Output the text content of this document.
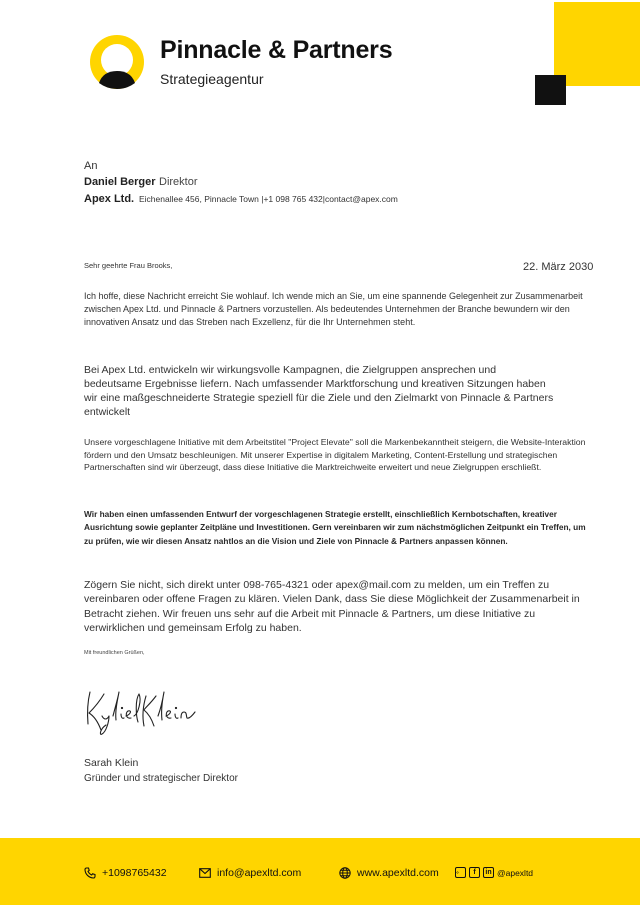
Pinnacle & Partners
Strategieagentur
An
Daniel Berger Direktor
Apex Ltd. Eichenallee 456, Pinnacle Town |+1 098 765 432|contact@apex.com
Sehr geehrte Frau Brooks,	22. März 2030
Ich hoffe, diese Nachricht erreicht Sie wohlauf. Ich wende mich an Sie, um eine spannende Gelegenheit zur Zusammenarbeit zwischen Apex Ltd. und Pinnacle & Partners vorzustellen. Als bedeutendes Unternehmen der Branche bewundern wir den innovativen Ansatz und das Streben nach Exzellenz, für die Ihr Unternehmen steht.
Bei Apex Ltd. entwickeln wir wirkungsvolle Kampagnen, die Zielgruppen ansprechen und bedeutsame Ergebnisse liefern. Nach umfassender Marktforschung und kreativen Sitzungen haben wir eine maßgeschneiderte Strategie speziell für die Ziele und den Zielmarkt von Pinnacle & Partners entwickelt
Unsere vorgeschlagene Initiative mit dem Arbeitstitel "Project Elevate" soll die Markenbekanntheit steigern, die Website-Interaktion fördern und den Umsatz beschleunigen. Mit unserer Expertise in digitalem Marketing, Content-Erstellung und strategischen Partnerschaften sind wir überzeugt, dass diese Initiative die Marktreichweite erweitert und neue Zielgruppen erschließt.
Wir haben einen umfassenden Entwurf der vorgeschlagenen Strategie erstellt, einschließlich Kernbotschaften, kreativer Ausrichtung sowie geplanter Zeitpläne und Investitionen. Gern vereinbaren wir zum nächstmöglichen Zeitpunkt ein Treffen, um zu prüfen, wie wir diesen Ansatz nahtlos an die Vision und Ziele von Pinnacle & Partners anpassen können.
Zögern Sie nicht, sich direkt unter 098-765-4321 oder apex@mail.com zu melden, um ein Treffen zu vereinbaren oder offene Fragen zu klären. Vielen Dank, dass Sie diese Möglichkeit der Zusammenarbeit in Betracht ziehen. Wir freuen uns sehr auf die Arbeit mit Pinnacle & Partners, um diese Initiative zu verwirklichen und gemeinsam Erfolg zu haben.
Mit freundlichen Grüßen,
Sarah Klein
Gründer und strategischer Direktor
+1098765432	info@apexltd.com	www.apexltd.com	f	in @apexltd
